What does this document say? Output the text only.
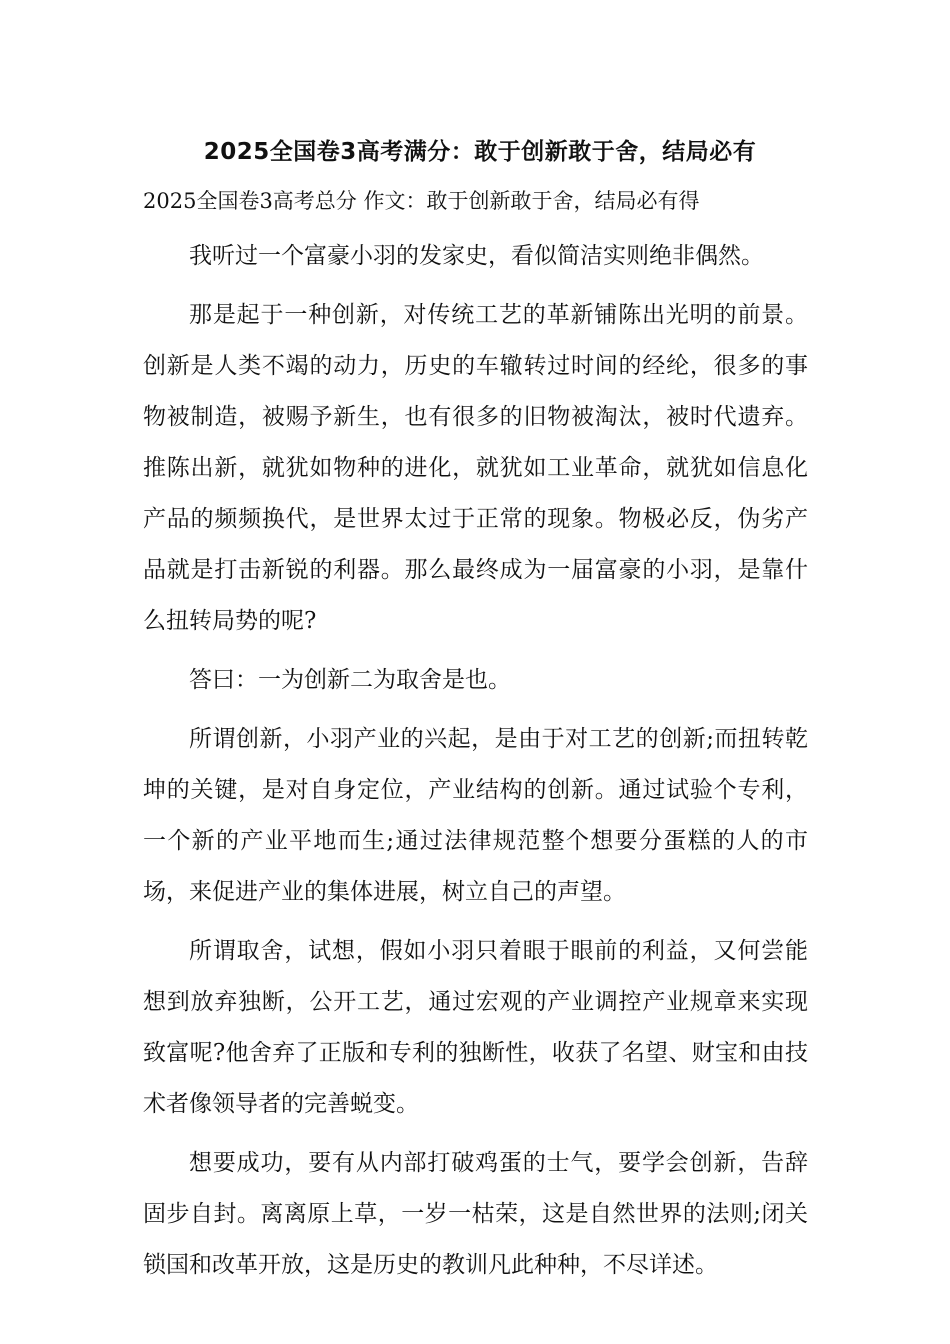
2025全国卷3高考满分：敢于创新敢于舍，结局必有
2025全国卷3高考总分 作文：敢于创新敢于舍，结局必有得

我听过一个富豪小羽的发家史，看似简洁实则绝非偶然。

那是起于一种创新，对传统工艺的革新铺陈出光明的前景。创新是人类不竭的动力，历史的车辙转过时间的经纶，很多的事物被制造，被赐予新生，也有很多的旧物被淘汰，被时代遗弃。推陈出新，就犹如物种的进化，就犹如工业革命，就犹如信息化产品的频频换代，是世界太过于正常的现象。物极必反，伪劣产品就是打击新锐的利器。那么最终成为一届富豪的小羽，是靠什么扭转局势的呢?

答曰：一为创新二为取舍是也。

所谓创新，小羽产业的兴起，是由于对工艺的创新;而扭转乾坤的关键，是对自身定位，产业结构的创新。通过试验个专利，一个新的产业平地而生;通过法律规范整个想要分蛋糕的人的市场，来促进产业的集体进展，树立自己的声望。

所谓取舍，试想，假如小羽只着眼于眼前的利益，又何尝能想到放弃独断，公开工艺，通过宏观的产业调控产业规章来实现致富呢?他舍弃了正版和专利的独断性，收获了名望、财宝和由技术者像领导者的完善蜕变。

想要成功，要有从内部打破鸡蛋的士气，要学会创新，告辞固步自封。离离原上草，一岁一枯荣，这是自然世界的法则;闭关锁国和改革开放，这是历史的教训凡此种种，不尽详述。
